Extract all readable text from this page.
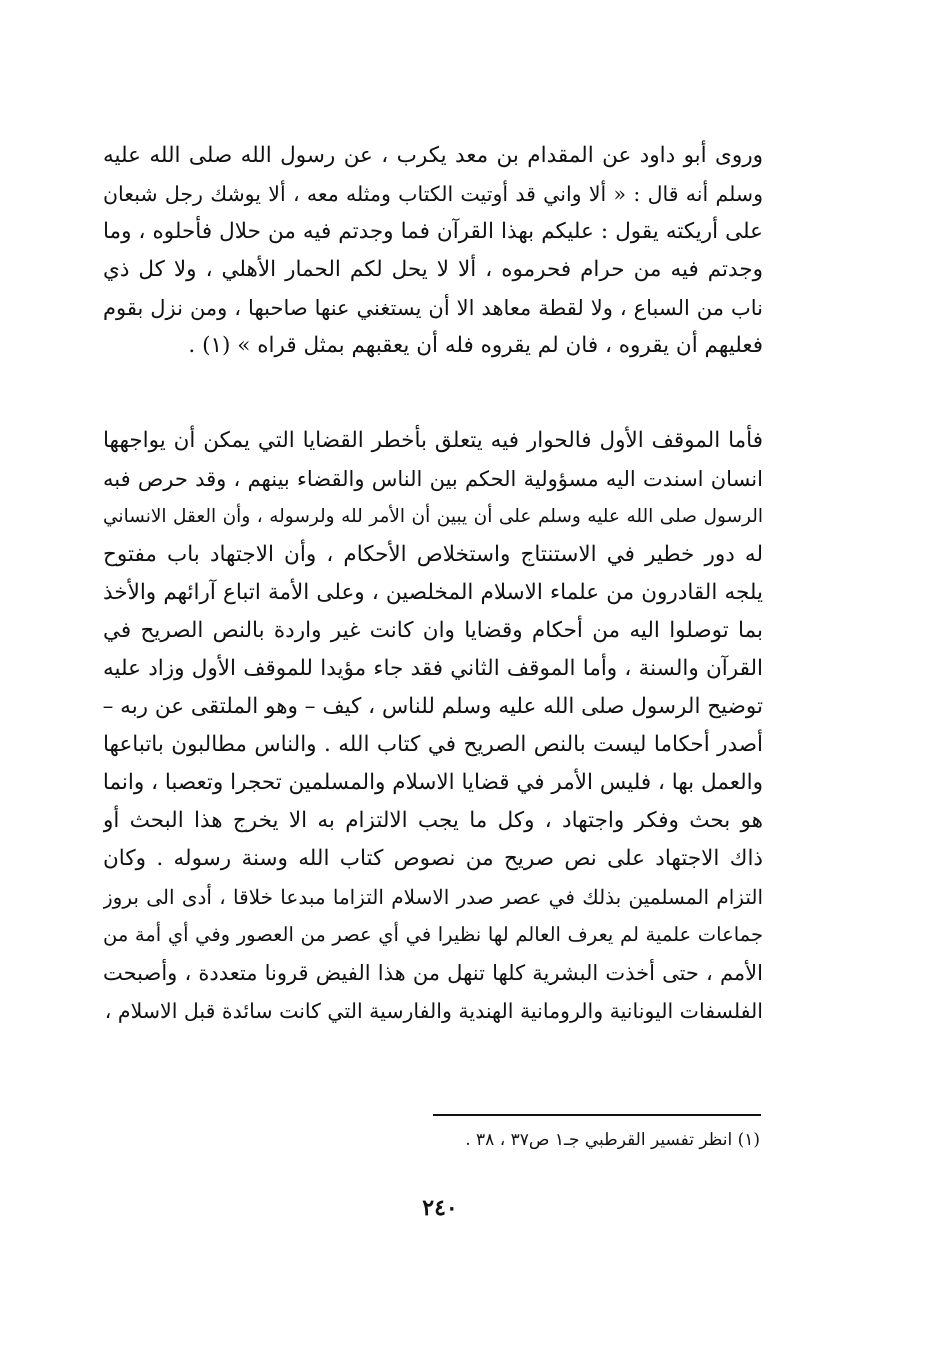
وروى أبو داود عن المقدام بن معد يكرب ، عن رسول الله صلى الله عليه
وسلم أنه قال : « ألا واني قد أوتيت الكتاب ومثله معه ، ألا يوشك رجل شبعان
على أريكته يقول : عليكم بهذا القرآن فما وجدتم فيه من حلال فأحلوه ، وما
وجدتم فيه من حرام فحرموه ، ألا لا يحل لكم الحمار الأهلي ، ولا كل ذي
ناب من السباع ، ولا لقطة معاهد الا أن يستغني عنها صاحبها ، ومن نزل بقوم
فعليهم أن يقروه ، فان لم يقروه فله أن يعقبهم بمثل قراه » (١) .
فأما الموقف الأول فالحوار فيه يتعلق بأخطر القضايا التي يمكن أن يواجهها
انسان اسندت اليه مسؤولية الحكم بين الناس والقضاء بينهم ، وقد حرص فبه
الرسول صلى الله عليه وسلم على أن يبين أن الأمر لله ولرسوله ، وأن العقل الانساني
له دور خطير في الاستنتاج واستخلاص الأحكام ، وأن الاجتهاد باب مفتوح
يلجه القادرون من علماء الاسلام المخلصين ، وعلى الأمة اتباع آرائهم والأخذ
بما توصلوا اليه من أحكام وقضايا وان كانت غير واردة بالنص الصريح في
القرآن والسنة ، وأما الموقف الثاني فقد جاء مؤيدا للموقف الأول وزاد عليه
توضيح الرسول صلى الله عليه وسلم للناس ، كيف – وهو الملتقى عن ربه –
أصدر أحكاما ليست بالنص الصريح في كتاب الله . والناس مطالبون باتباعها
والعمل بها ، فليس الأمر في قضايا الاسلام والمسلمين تحجرا وتعصبا ، وانما
هو بحث وفكر واجتهاد ، وكل ما يجب الالتزام به الا يخرج هذا البحث أو
ذاك الاجتهاد على نص صريح من نصوص كتاب الله وسنة رسوله . وكان
التزام المسلمين بذلك في عصر صدر الاسلام التزاما مبدعا خلاقا ، أدى الى بروز
جماعات علمية لم يعرف العالم لها نظيرا في أي عصر من العصور وفي أي أمة من
الأمم ، حتى أخذت البشرية كلها تنهل من هذا الفيض قرونا متعددة ، وأصبحت
الفلسفات اليونانية والرومانية الهندية والفارسية التي كانت سائدة قبل الاسلام ،
(١) انظر تفسير القرطبي جـ١ ص٣٧ ، ٣٨ .
٢٤٠
